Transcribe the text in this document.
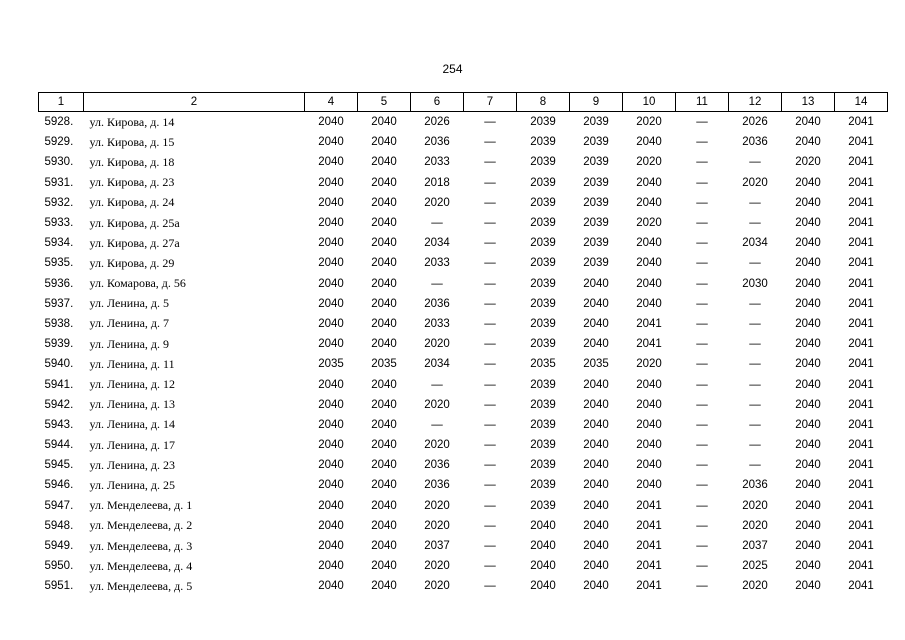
254
1	2	4	5	6	7	8	9	10	11	12	13	14
5928.	ул. Кирова, д. 14	2040	2040	2026	—	2039	2039	2020	—	2026	2040	2041
5929.	ул. Кирова, д. 15	2040	2040	2036	—	2039	2039	2040	—	2036	2040	2041
5930.	ул. Кирова, д. 18	2040	2040	2033	—	2039	2039	2020	—	—	2020	2041
5931.	ул. Кирова, д. 23	2040	2040	2018	—	2039	2039	2040	—	2020	2040	2041
5932.	ул. Кирова, д. 24	2040	2040	2020	—	2039	2039	2040	—	—	2040	2041
5933.	ул. Кирова, д. 25а	2040	2040	—	—	2039	2039	2020	—	—	2040	2041
5934.	ул. Кирова, д. 27а	2040	2040	2034	—	2039	2039	2040	—	2034	2040	2041
5935.	ул. Кирова, д. 29	2040	2040	2033	—	2039	2039	2040	—	—	2040	2041
5936.	ул. Комарова, д. 56	2040	2040	—	—	2039	2040	2040	—	2030	2040	2041
5937.	ул. Ленина, д. 5	2040	2040	2036	—	2039	2040	2040	—	—	2040	2041
5938.	ул. Ленина, д. 7	2040	2040	2033	—	2039	2040	2041	—	—	2040	2041
5939.	ул. Ленина, д. 9	2040	2040	2020	—	2039	2040	2041	—	—	2040	2041
5940.	ул. Ленина, д. 11	2035	2035	2034	—	2035	2035	2020	—	—	2040	2041
5941.	ул. Ленина, д. 12	2040	2040	—	—	2039	2040	2040	—	—	2040	2041
5942.	ул. Ленина, д. 13	2040	2040	2020	—	2039	2040	2040	—	—	2040	2041
5943.	ул. Ленина, д. 14	2040	2040	—	—	2039	2040	2040	—	—	2040	2041
5944.	ул. Ленина, д. 17	2040	2040	2020	—	2039	2040	2040	—	—	2040	2041
5945.	ул. Ленина, д. 23	2040	2040	2036	—	2039	2040	2040	—	—	2040	2041
5946.	ул. Ленина, д. 25	2040	2040	2036	—	2039	2040	2040	—	2036	2040	2041
5947.	ул. Менделеева, д. 1	2040	2040	2020	—	2039	2040	2041	—	2020	2040	2041
5948.	ул. Менделеева, д. 2	2040	2040	2020	—	2040	2040	2041	—	2020	2040	2041
5949.	ул. Менделеева, д. 3	2040	2040	2037	—	2040	2040	2041	—	2037	2040	2041
5950.	ул. Менделеева, д. 4	2040	2040	2020	—	2040	2040	2041	—	2025	2040	2041
5951.	ул. Менделеева, д. 5	2040	2040	2020	—	2040	2040	2041	—	2020	2040	2041
